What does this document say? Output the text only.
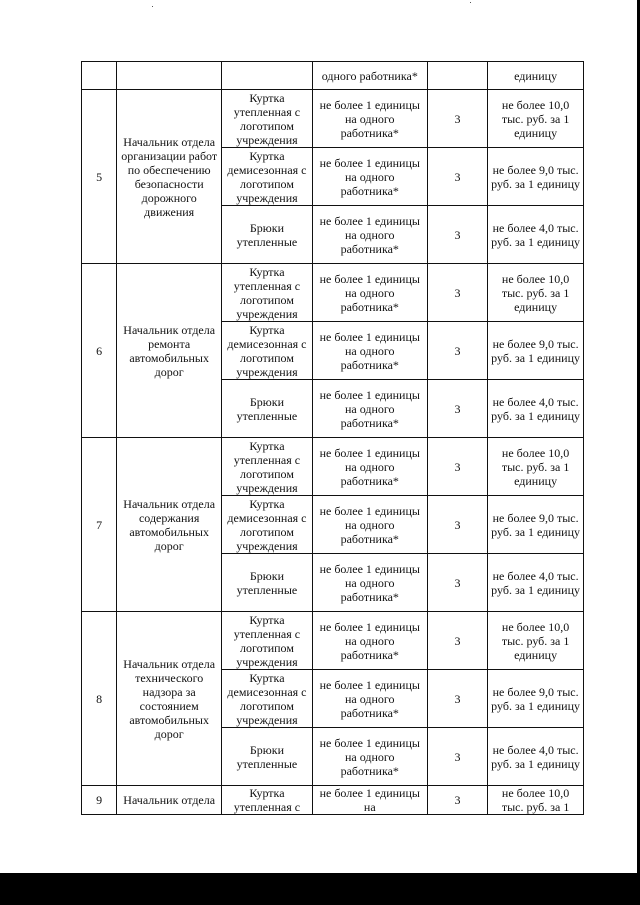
			одного работника*		единицу
5	Начальник отдела организации работ по обеспечению безопасности дорожного движения	Куртка утепленная с логотипом учреждения	не более 1 единицы на одного работника*	3	не более 10,0 тыс. руб. за 1 единицу
		Куртка демисезонная с логотипом учреждения	не более 1 единицы на одного работника*	3	не более 9,0 тыс. руб. за 1 единицу
		Брюки утепленные	не более 1 единицы на одного работника*	3	не более 4,0 тыс. руб. за 1 единицу
6	Начальник отдела ремонта автомобильных дорог	Куртка утепленная с логотипом учреждения	не более 1 единицы на одного работника*	3	не более 10,0 тыс. руб. за 1 единицу
		Куртка демисезонная с логотипом учреждения	не более 1 единицы на одного работника*	3	не более 9,0 тыс. руб. за 1 единицу
		Брюки утепленные	не более 1 единицы на одного работника*	3	не более 4,0 тыс. руб. за 1 единицу
7	Начальник отдела содержания автомобильных дорог	Куртка утепленная с логотипом учреждения	не более 1 единицы на одного работника*	3	не более 10,0 тыс. руб. за 1 единицу
		Куртка демисезонная с логотипом учреждения	не более 1 единицы на одного работника*	3	не более 9,0 тыс. руб. за 1 единицу
		Брюки утепленные	не более 1 единицы на одного работника*	3	не более 4,0 тыс. руб. за 1 единицу
8	Начальник отдела технического надзора за состоянием автомобильных дорог	Куртка утепленная с логотипом учреждения	не более 1 единицы на одного работника*	3	не более 10,0 тыс. руб. за 1 единицу
		Куртка демисезонная с логотипом учреждения	не более 1 единицы на одного работника*	3	не более 9,0 тыс. руб. за 1 единицу
		Брюки утепленные	не более 1 единицы на одного работника*	3	не более 4,0 тыс. руб. за 1 единицу
9	Начальник отдела	Куртка утепленная с	не более 1 единицы на	3	не более 10,0 тыс. руб. за 1
